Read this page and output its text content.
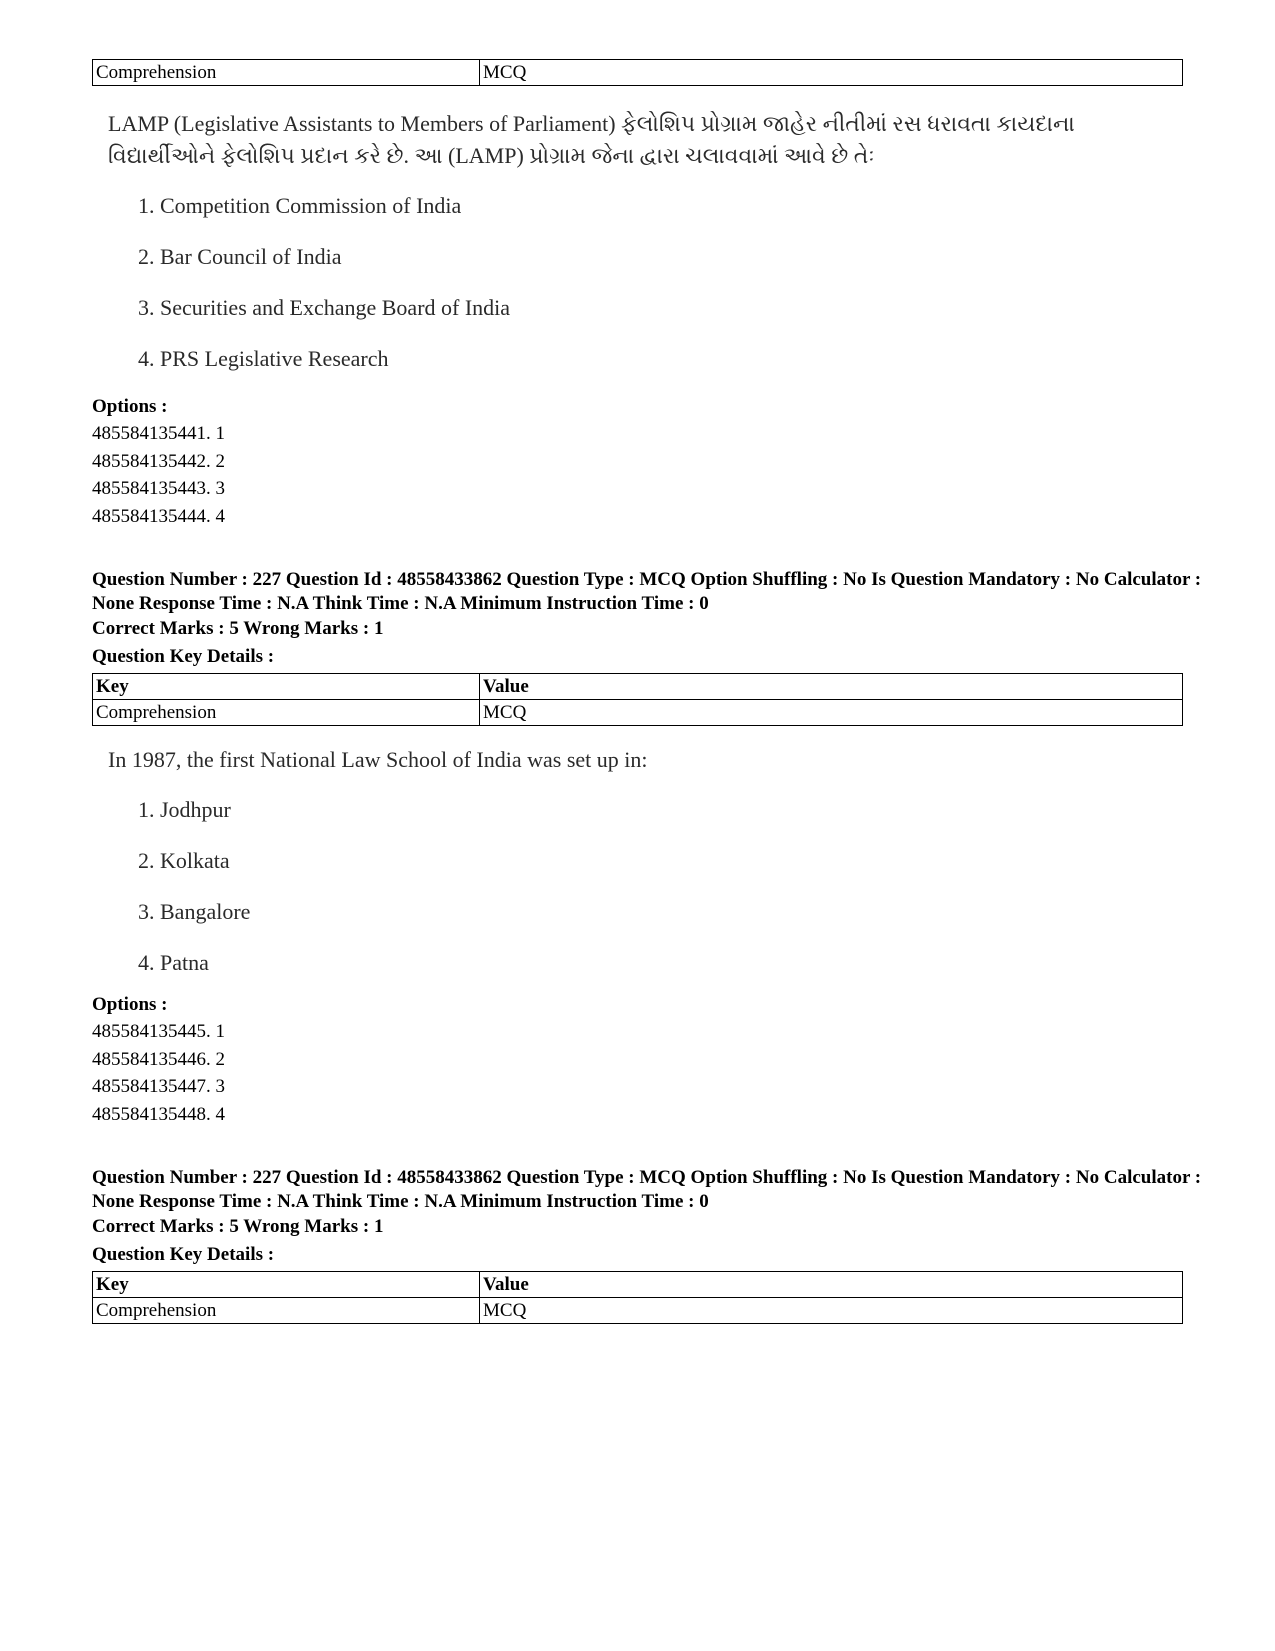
Comprehension	MCQ

LAMP (Legislative Assistants to Members of Parliament) ફેલોશિપ પ્રોગ્રામ જાહેર નીતીમાં રસ ધરાવતા કાયદાના વિદ્યાર્થીઓને ફેલોશિપ પ્રદાન કરે છે. આ (LAMP) પ્રોગ્રામ જેના દ્વારા ચલાવવામાં આવે છે તેઃ

1. Competition Commission of India
2. Bar Council of India
3. Securities and Exchange Board of India
4. PRS Legislative Research
Options :
485584135441. 1
485584135442. 2
485584135443. 3
485584135444. 4

Question Number : 227 Question Id : 48558433862 Question Type : MCQ Option Shuffling : No Is Question Mandatory : No Calculator : None Response Time : N.A Think Time : N.A Minimum Instruction Time : 0

Correct Marks : 5 Wrong Marks : 1
Question Key Details :
Key	Value
Comprehension	MCQ

In 1987, the first National Law School of India was set up in:

1. Jodhpur
2. Kolkata
3. Bangalore
4. Patna
Options :
485584135445. 1
485584135446. 2
485584135447. 3
485584135448. 4

Question Number : 227 Question Id : 48558433862 Question Type : MCQ Option Shuffling : No Is Question Mandatory : No Calculator : None Response Time : N.A Think Time : N.A Minimum Instruction Time : 0

Correct Marks : 5 Wrong Marks : 1
Question Key Details :
Key	Value
Comprehension	MCQ
